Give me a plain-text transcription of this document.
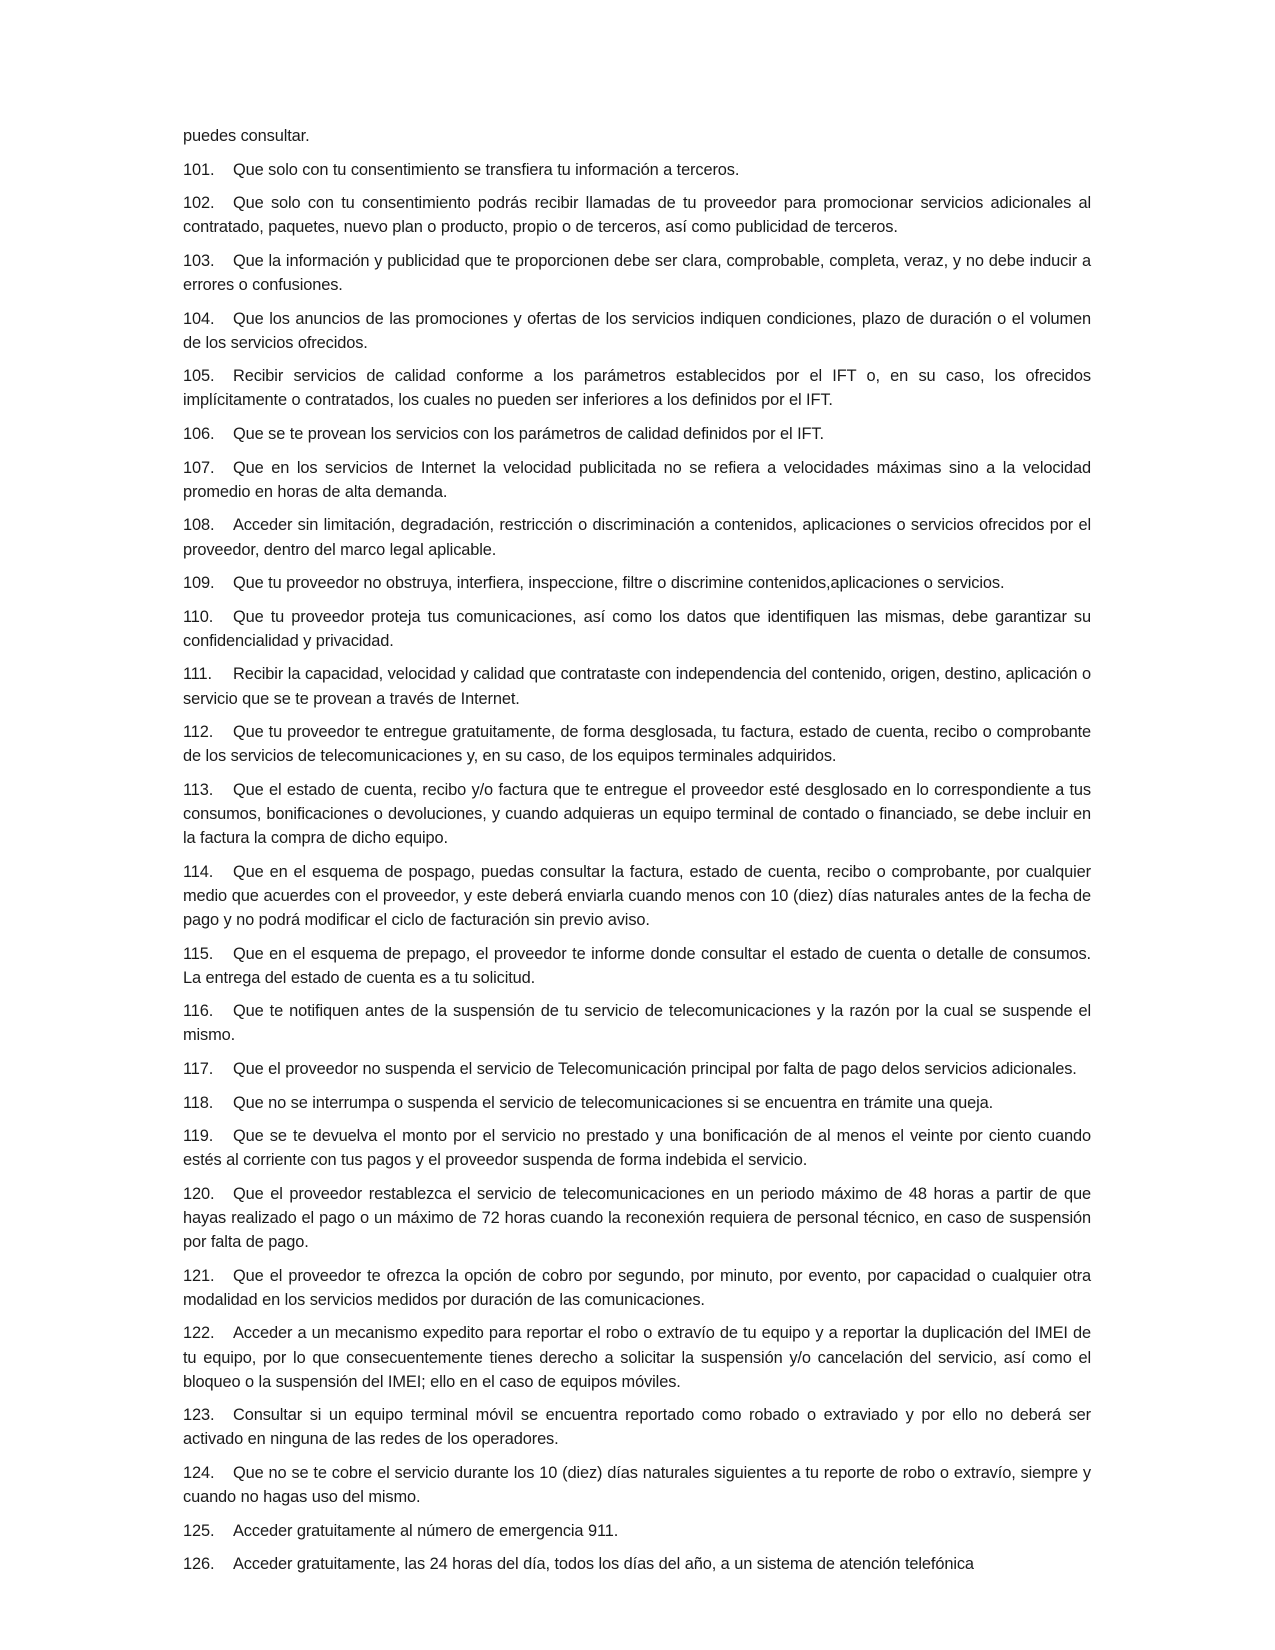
puedes consultar.

101. Que solo con tu consentimiento se transfiera tu información a terceros.

102. Que solo con tu consentimiento podrás recibir llamadas de tu proveedor para promocionar servicios adicionales al contratado, paquetes, nuevo plan o producto, propio o de terceros, así como publicidad de terceros.

103. Que la información y publicidad que te proporcionen debe ser clara, comprobable, completa, veraz, y no debe inducir a errores o confusiones.

104. Que los anuncios de las promociones y ofertas de los servicios indiquen condiciones, plazo de duración o el volumen de los servicios ofrecidos.

105. Recibir servicios de calidad conforme a los parámetros establecidos por el IFT o, en su caso, los ofrecidos implícitamente o contratados, los cuales no pueden ser inferiores a los definidos por el IFT.

106. Que se te provean los servicios con los parámetros de calidad definidos por el IFT.

107. Que en los servicios de Internet la velocidad publicitada no se refiera a velocidades máximas sino a la velocidad promedio en horas de alta demanda.

108. Acceder sin limitación, degradación, restricción o discriminación a contenidos, aplicaciones o servicios ofrecidos por el proveedor, dentro del marco legal aplicable.

109. Que tu proveedor no obstruya, interfiera, inspeccione, filtre o discrimine contenidos,aplicaciones o servicios.

110. Que tu proveedor proteja tus comunicaciones, así como los datos que identifiquen las mismas, debe garantizar su confidencialidad y privacidad.

111. Recibir la capacidad, velocidad y calidad que contrataste con independencia del contenido, origen, destino, aplicación o servicio que se te provean a través de Internet.

112. Que tu proveedor te entregue gratuitamente, de forma desglosada, tu factura, estado de cuenta, recibo o comprobante de los servicios de telecomunicaciones y, en su caso, de los equipos terminales adquiridos.

113. Que el estado de cuenta, recibo y/o factura que te entregue el proveedor esté desglosado en lo correspondiente a tus consumos, bonificaciones o devoluciones, y cuando adquieras un equipo terminal de contado o financiado, se debe incluir en la factura la compra de dicho equipo.

114. Que en el esquema de pospago, puedas consultar la factura, estado de cuenta, recibo o comprobante, por cualquier medio que acuerdes con el proveedor, y este deberá enviarla cuando menos con 10 (diez) días naturales antes de la fecha de pago y no podrá modificar el ciclo de facturación sin previo aviso.

115. Que en el esquema de prepago, el proveedor te informe donde consultar el estado de cuenta o detalle de consumos. La entrega del estado de cuenta es a tu solicitud.

116. Que te notifiquen antes de la suspensión de tu servicio de telecomunicaciones y la razón por la cual se suspende el mismo.

117. Que el proveedor no suspenda el servicio de Telecomunicación principal por falta de pago delos servicios adicionales.

118. Que no se interrumpa o suspenda el servicio de telecomunicaciones si se encuentra en trámite una queja.

119. Que se te devuelva el monto por el servicio no prestado y una bonificación de al menos el veinte por ciento cuando estés al corriente con tus pagos y el proveedor suspenda de forma indebida el servicio.

120. Que el proveedor restablezca el servicio de telecomunicaciones en un periodo máximo de 48 horas a partir de que hayas realizado el pago o un máximo de 72 horas cuando la reconexión requiera de personal técnico, en caso de suspensión por falta de pago.

121. Que el proveedor te ofrezca la opción de cobro por segundo, por minuto, por evento, por capacidad o cualquier otra modalidad en los servicios medidos por duración de las comunicaciones.

122. Acceder a un mecanismo expedito para reportar el robo o extravío de tu equipo y a reportar la duplicación del IMEI de tu equipo, por lo que consecuentemente tienes derecho a solicitar la suspensión y/o cancelación del servicio, así como el bloqueo o la suspensión del IMEI; ello en el caso de equipos móviles.

123. Consultar si un equipo terminal móvil se encuentra reportado como robado o extraviado y por ello no deberá ser activado en ninguna de las redes de los operadores.

124. Que no se te cobre el servicio durante los 10 (diez) días naturales siguientes a tu reporte de robo o extravío, siempre y cuando no hagas uso del mismo.

125. Acceder gratuitamente al número de emergencia 911.

126. Acceder gratuitamente, las 24 horas del día, todos los días del año, a un sistema de atención telefónica
